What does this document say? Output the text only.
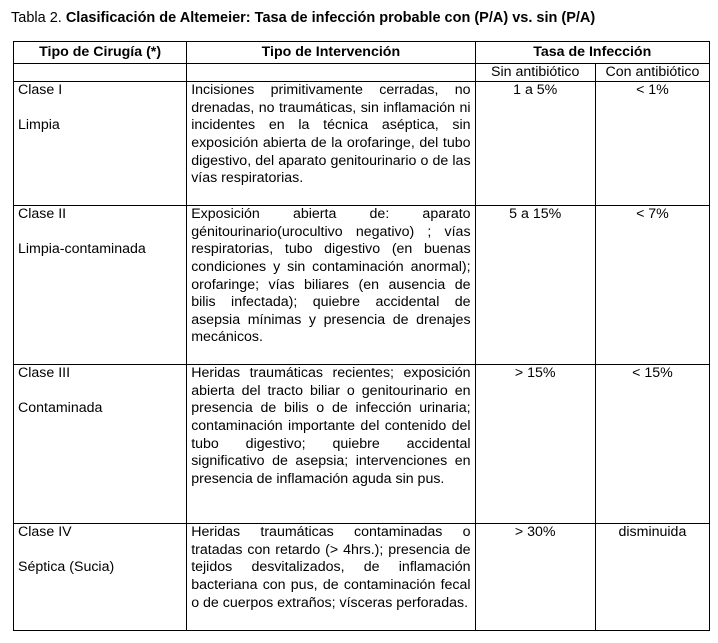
Tabla 2. Clasificación de Altemeier: Tasa de infección probable con (P/A) vs. sin (P/A)
Tipo de Cirugía (*)	Tipo de Intervención	Tasa de Infección	
		Sin antibiótico	Con antibiótico

Clase I
Limpia	Incisiones primitivamente cerradas, no drenadas, no traumáticas, sin inflamación ni incidentes en la técnica aséptica, sin exposición abierta de la orofaringe, del tubo digestivo, del aparato genitourinario o de las vías respiratorias.	1 a 5%	< 1%

Clase II
Limpia-contaminada	Exposición abierta de: aparato génitourinario(urocultivo negativo) ; vías respiratorias, tubo digestivo (en buenas condiciones y sin contaminación anormal); orofaringe; vías biliares (en ausencia de bilis infectada); quiebre accidental de asepsia mínimas y presencia de drenajes mecánicos.	5 a 15%	< 7%

Clase III
Contaminada	Heridas traumáticas recientes; exposición abierta del tracto biliar o genitourinario en presencia de bilis o de infección urinaria; contaminación importante del contenido del tubo digestivo; quiebre accidental significativo de asepsia; intervenciones en presencia de inflamación aguda sin pus.	> 15%	< 15%

Clase IV
Séptica (Sucia)	Heridas traumáticas contaminadas o tratadas con retardo (> 4hrs.); presencia de tejidos desvitalizados, de inflamación bacteriana con pus, de contaminación fecal o de cuerpos extraños; vísceras perforadas.	> 30%	disminuida
